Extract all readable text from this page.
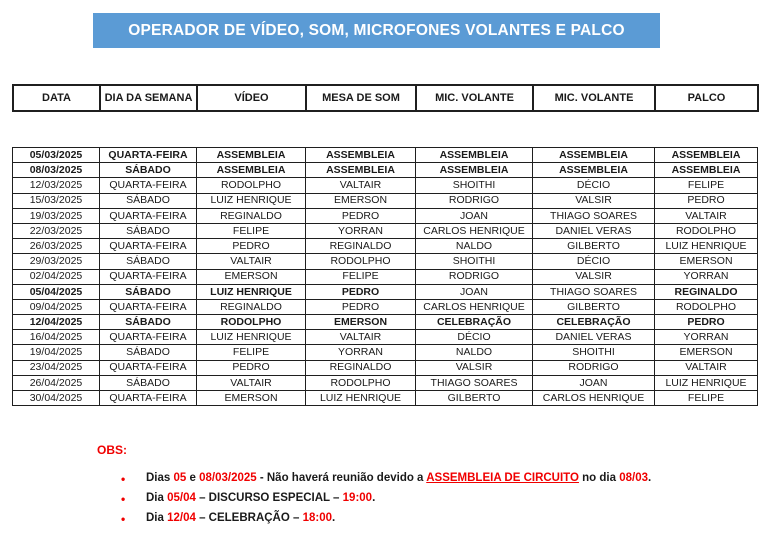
OPERADOR DE VÍDEO, SOM, MICROFONES VOLANTES E PALCO
DATA	DIA DA SEMANA	VÍDEO	MESA DE SOM	MIC. VOLANTE	MIC. VOLANTE	PALCO
05/03/2025	QUARTA-FEIRA	ASSEMBLEIA	ASSEMBLEIA	ASSEMBLEIA	ASSEMBLEIA	ASSEMBLEIA
08/03/2025	SÁBADO	ASSEMBLEIA	ASSEMBLEIA	ASSEMBLEIA	ASSEMBLEIA	ASSEMBLEIA
12/03/2025	QUARTA-FEIRA	RODOLPHO	VALTAIR	SHOITHI	DÉCIO	FELIPE
15/03/2025	SÁBADO	LUIZ HENRIQUE	EMERSON	RODRIGO	VALSIR	PEDRO
19/03/2025	QUARTA-FEIRA	REGINALDO	PEDRO	JOAN	THIAGO SOARES	VALTAIR
22/03/2025	SÁBADO	FELIPE	YORRAN	CARLOS HENRIQUE	DANIEL VERAS	RODOLPHO
26/03/2025	QUARTA-FEIRA	PEDRO	REGINALDO	NALDO	GILBERTO	LUIZ HENRIQUE
29/03/2025	SÁBADO	VALTAIR	RODOLPHO	SHOITHI	DÉCIO	EMERSON
02/04/2025	QUARTA-FEIRA	EMERSON	FELIPE	RODRIGO	VALSIR	YORRAN
05/04/2025	SÁBADO	LUIZ HENRIQUE	PEDRO	JOAN	THIAGO SOARES	REGINALDO
09/04/2025	QUARTA-FEIRA	REGINALDO	PEDRO	CARLOS HENRIQUE	GILBERTO	RODOLPHO
12/04/2025	SÁBADO	RODOLPHO	EMERSON	CELEBRAÇÃO	CELEBRAÇÃO	PEDRO
16/04/2025	QUARTA-FEIRA	LUIZ HENRIQUE	VALTAIR	DÉCIO	DANIEL VERAS	YORRAN
19/04/2025	SÁBADO	FELIPE	YORRAN	NALDO	SHOITHI	EMERSON
23/04/2025	QUARTA-FEIRA	PEDRO	REGINALDO	VALSIR	RODRIGO	VALTAIR
26/04/2025	SÁBADO	VALTAIR	RODOLPHO	THIAGO SOARES	JOAN	LUIZ HENRIQUE
30/04/2025	QUARTA-FEIRA	EMERSON	LUIZ HENRIQUE	GILBERTO	CARLOS HENRIQUE	FELIPE
OBS:
• Dias 05 e 08/03/2025 - Não haverá reunião devido a ASSEMBLEIA DE CIRCUITO no dia 08/03.
• Dia 05/04 – DISCURSO ESPECIAL – 19:00.
• Dia 12/04 – CELEBRAÇÃO – 18:00.
